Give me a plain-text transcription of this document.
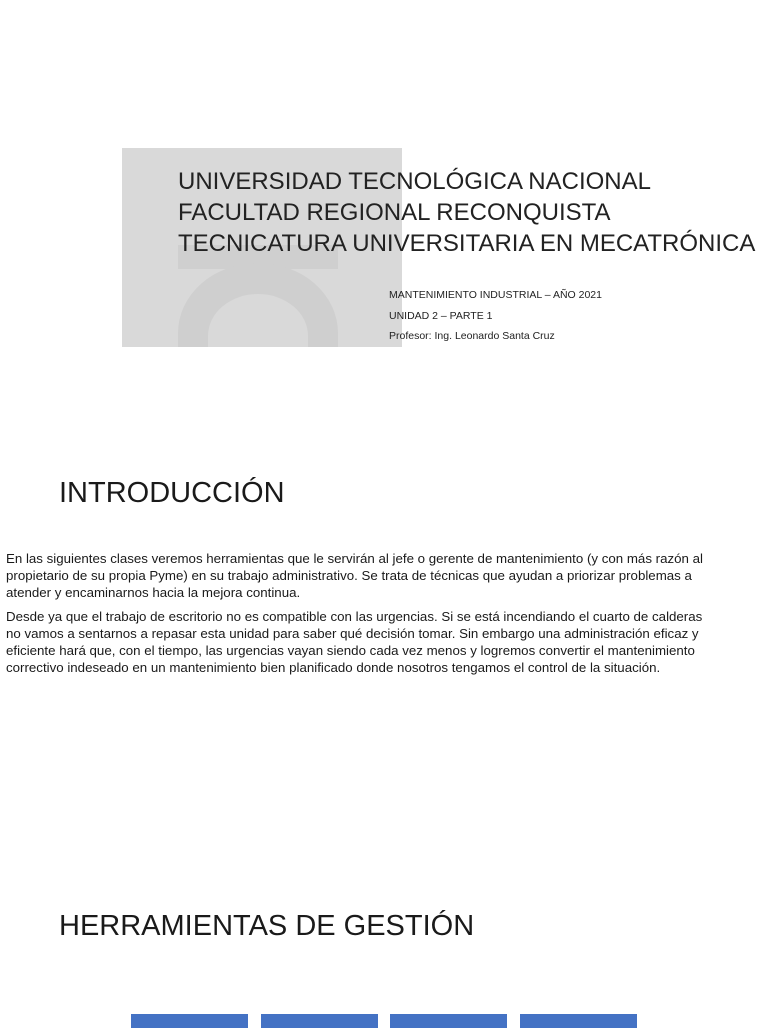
UNIVERSIDAD TECNOLÓGICA NACIONAL
FACULTAD REGIONAL RECONQUISTA
TECNICATURA UNIVERSITARIA EN MECATRÓNICA
MANTENIMIENTO INDUSTRIAL – AÑO 2021
UNIDAD 2 – PARTE 1
Profesor: Ing. Leonardo Santa Cruz
INTRODUCCIÓN

En las siguientes clases veremos herramientas que le servirán al jefe o gerente de mantenimiento (y con más razón al propietario de su propia Pyme) en su trabajo administrativo. Se trata de técnicas que ayudan a priorizar problemas a atender y encaminarnos hacia la mejora continua.

Desde ya que el trabajo de escritorio no es compatible con las urgencias. Si se está incendiando el cuarto de calderas no vamos a sentarnos a repasar esta unidad para saber qué decisión tomar. Sin embargo una administración eficaz y eficiente hará que, con el tiempo, las urgencias vayan siendo cada vez menos y logremos convertir el mantenimiento correctivo indeseado en un mantenimiento bien planificado donde nosotros tengamos el control de la situación.

HERRAMIENTAS DE GESTIÓN
